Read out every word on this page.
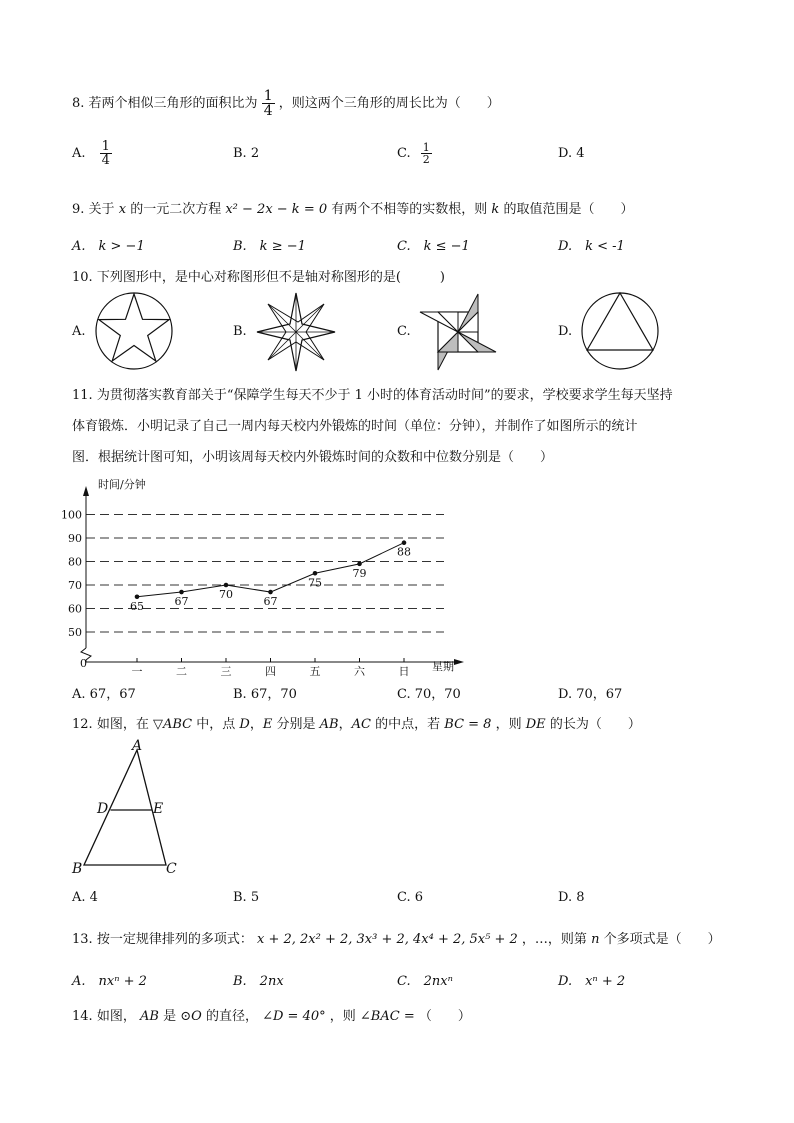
8. 若两个相似三角形的面积比为 $\frac{1}{4}$ ，则这两个三角形的周长比为（　　）
A. $\frac{1}{4}$	B. 2	C. $\frac{1}{2}$	D. 4
9. 关于 x 的一元二次方程 x² − 2x − k = 0 有两个不相等的实数根，则 k 的取值范围是（　　）
A.　k > −1	B.　k ≥ −1	C.　k ≤ −1	D.　k < -1
10. 下列图形中，是中心对称图形但不是轴对称图形的是(　　　)
A.	B.	C.	D.
11. 为贯彻落实教育部关于“保障学生每天不少于 1 小时的体育活动时间”的要求，学校要求学生每天坚持
体育锻炼．小明记录了自己一周内每天校内外锻炼的时间（单位：分钟），并制作了如图所示的统计
图．根据统计图可知，小明该周每天校内外锻炼时间的众数和中位数分别是（　　）
时间/分钟
星期
0
50
60
70
80
90
100
一	二	三	四	五	六	日
65	67
70
67
75
79
88
A. 67，67	B. 67，70	C. 70，70	D. 70，67
12. 如图，在 ▽ABC 中，点 D，E 分别是 AB，AC 的中点，若 BC = 8 ，则 DE 的长为（　　）
A
B	C
D	E
A. 4	B. 5	C. 6	D. 8
13. 按一定规律排列的多项式： x + 2, 2x² + 2, 3x³ + 2, 4x⁴ + 2, 5x⁵ + 2 ，…，则第 n 个多项式是（　　）
A.　nxⁿ + 2	B.　2nx	C.　2nxⁿ	D.　xⁿ + 2
14. 如图， AB 是 ⊙O 的直径， ∠D = 40° ，则 ∠BAC = （　　）
